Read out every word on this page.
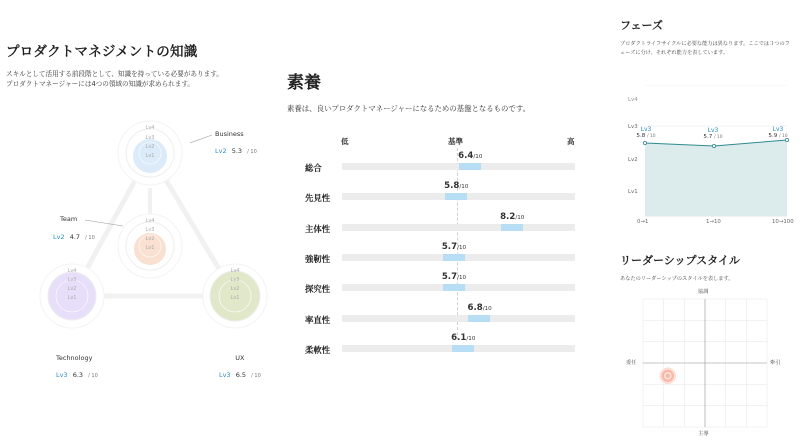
プロダクトマネジメントの知識
スキルとして活用する前段階として、知識を持っている必要があります。
プロダクトマネージャーには4つの領域の知識が求められます。
Lv4
Lv3
Lv2
Lv1
Lv4
Lv3
Lv2
Lv1
Lv4
Lv3
Lv2
Lv1
Lv4
Lv3
Lv2
Lv1
Business
Lv2 5.3 / 10
Team
Lv2 4.7 / 10
Technology
Lv3 6.3 / 10
UX
Lv3 6.5 / 10
素養
素養は、良いプロダクトマネージャーになるための基盤となるものです。
低	基準	高
総合
6.4/10
先見性
5.8/10
主体性
8.2/10
強靭性
5.7/10
探究性
5.7/10
率直性
6.8/10
柔軟性
6.1/10
フェーズ
プロダクトライフサイクルに必要な能力は異なります。ここでは３つのフ
ェーズに分け、それぞれ能力を表しています。
Lv4
Lv3
Lv2
Lv1
0→1	1→10	10→100
Lv3
5.8 / 10
Lv3
5.7 / 10
Lv3
5.9 / 10
リーダーシップスタイル
あなたのリーダーシップのスタイルを表します。
協調
主導
委任	牽引
